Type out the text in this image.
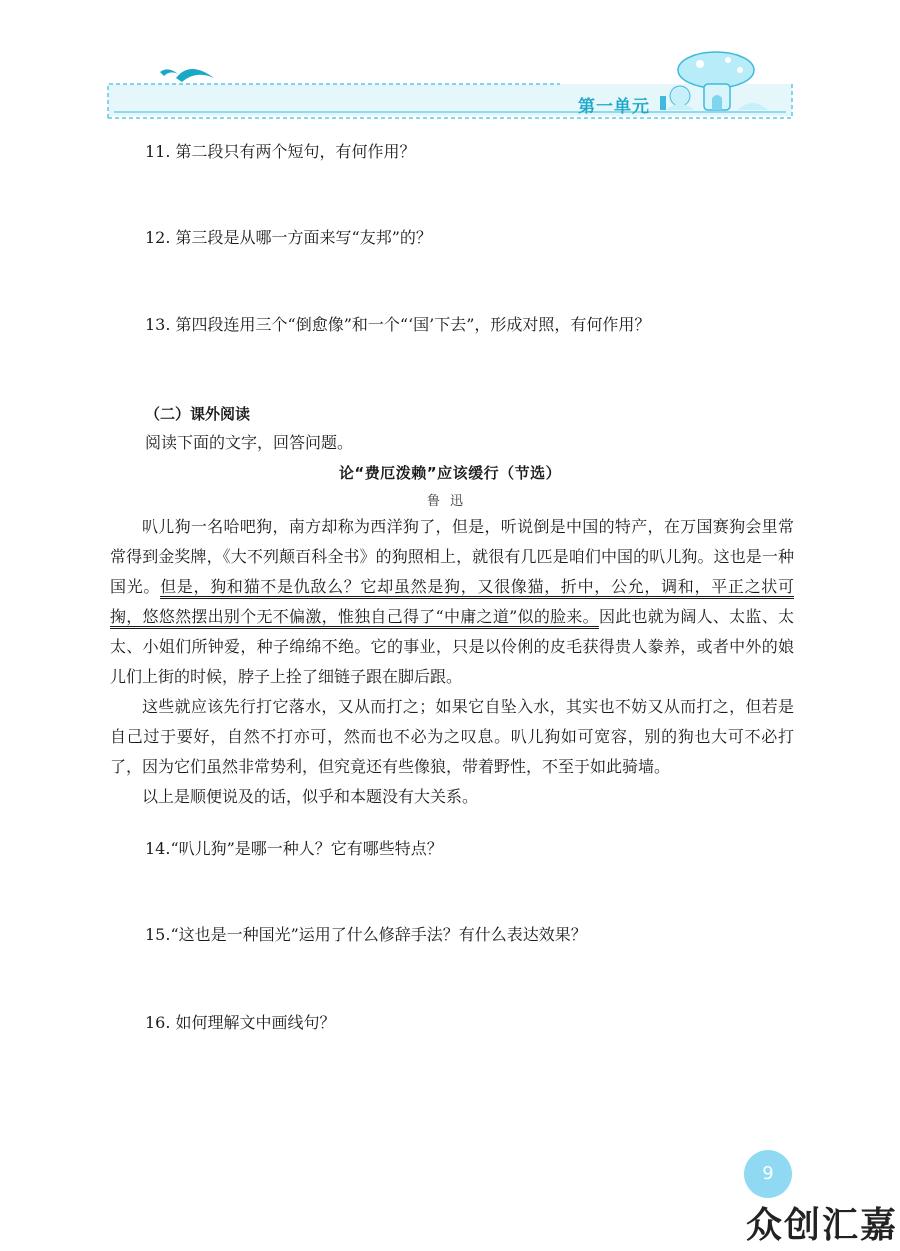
第一单元
11. 第二段只有两个短句，有何作用？
12. 第三段是从哪一方面来写“友邦”的？
13. 第四段连用三个“倒愈像”和一个“‘国’下去”，形成对照，有何作用？
（二）课外阅读
阅读下面的文字，回答问题。
论“费厄泼赖”应该缓行（节选）
鲁迅

叭儿狗一名哈吧狗，南方却称为西洋狗了，但是，听说倒是中国的特产，在万国赛狗会里常常得到金奖牌，《大不列颠百科全书》的狗照相上，就很有几匹是咱们中国的叭儿狗。这也是一种国光。但是，狗和猫不是仇敌么？它却虽然是狗，又很像猫，折中，公允，调和，平正之状可掬，悠悠然摆出别个无不偏激，惟独自己得了“中庸之道”似的脸来。因此也就为阔人、太监、太太、小姐们所钟爱，种子绵绵不绝。它的事业，只是以伶俐的皮毛获得贵人豢养，或者中外的娘儿们上街的时候，脖子上拴了细链子跟在脚后跟。

这些就应该先行打它落水，又从而打之；如果它自坠入水，其实也不妨又从而打之，但若是自己过于要好，自然不打亦可，然而也不必为之叹息。叭儿狗如可宽容，别的狗也大可不必打了，因为它们虽然非常势利，但究竟还有些像狼，带着野性，不至于如此骑墙。

以上是顺便说及的话，似乎和本题没有大关系。

14.“叭儿狗”是哪一种人？它有哪些特点？
15.“这也是一种国光”运用了什么修辞手法？有什么表达效果？
16. 如何理解文中画线句？
9
众创汇嘉
